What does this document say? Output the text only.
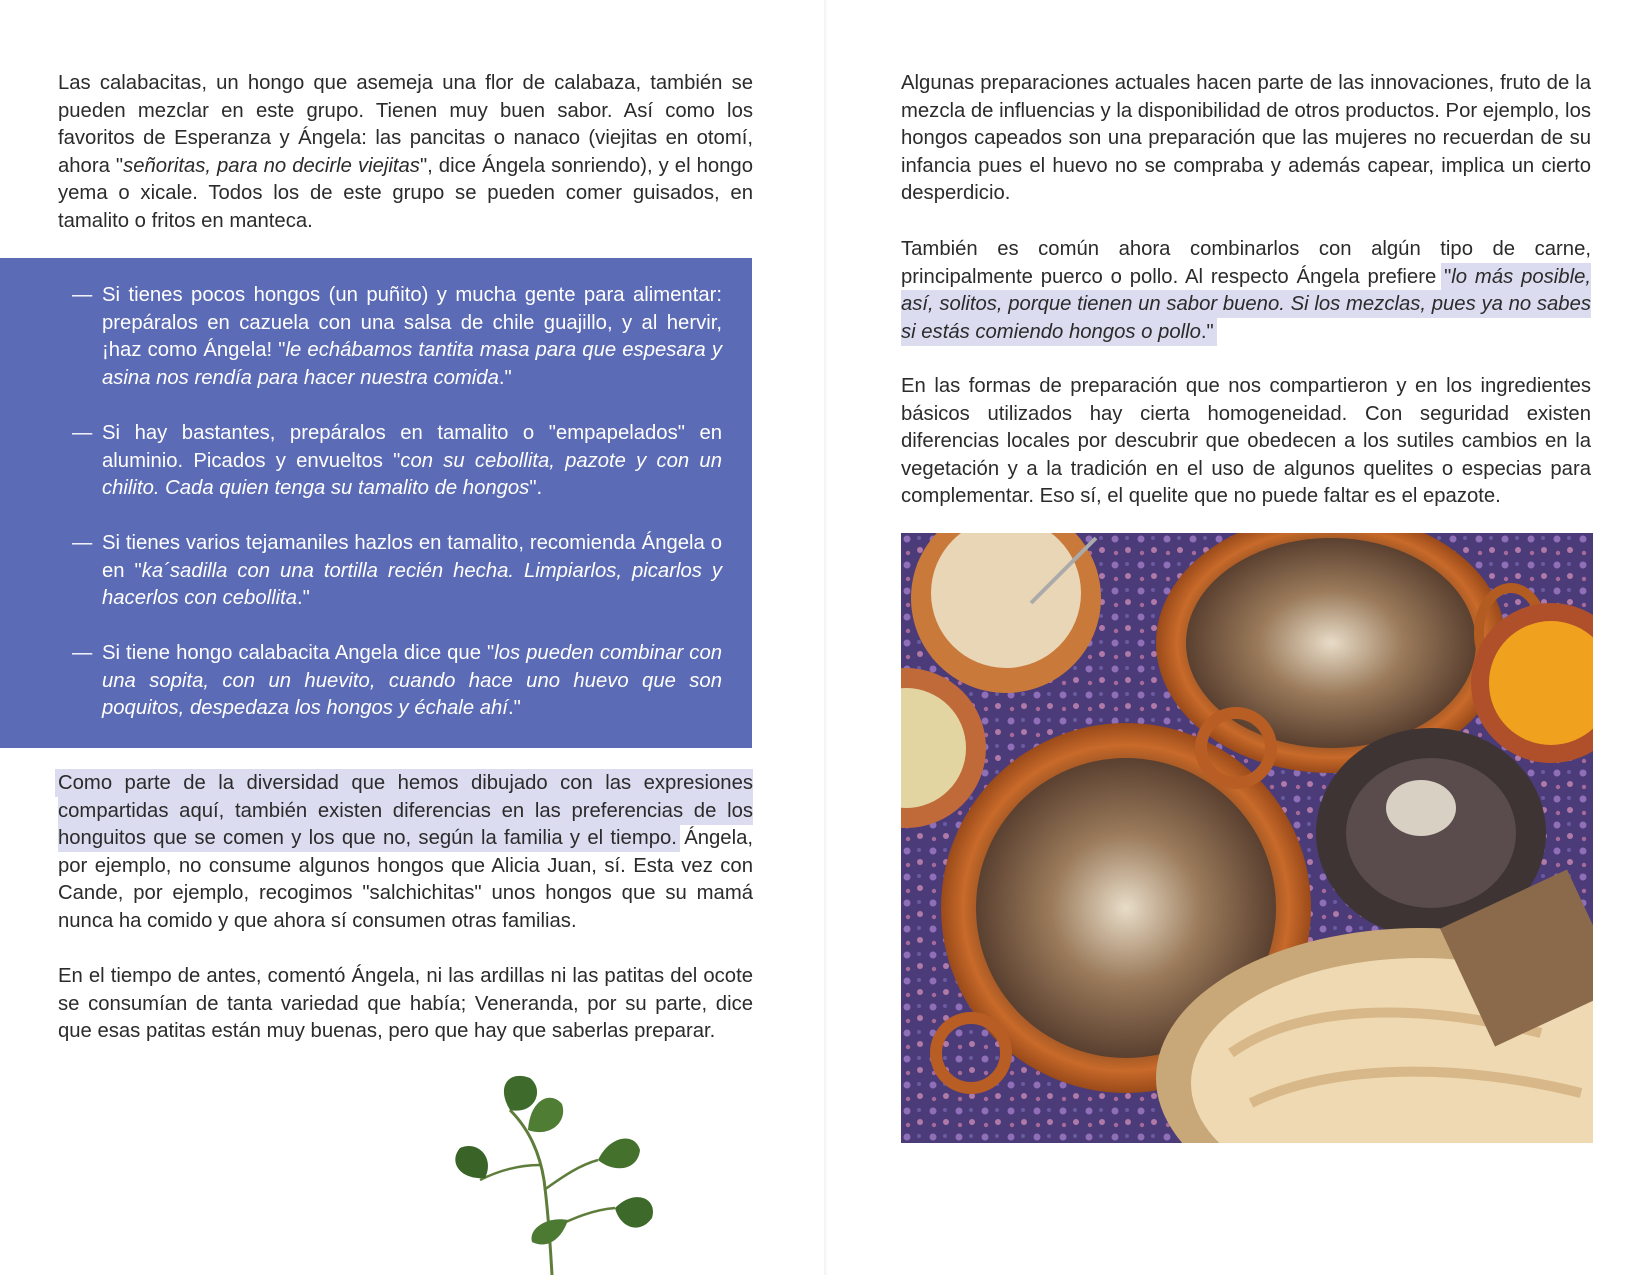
Las calabacitas, un hongo que asemeja una flor de calabaza, también se pueden mezclar en este grupo. Tienen muy buen sabor. Así como los favoritos de Esperanza y Ángela: las pancitas o nanaco (viejitas en otomí, ahora "señoritas, para no decirle viejitas", dice Ángela sonriendo), y el hongo yema o xicale. Todos los de este grupo se pueden comer guisados, en tamalito o fritos en manteca.

— Si tienes pocos hongos (un puñito) y mucha gente para alimentar: prepáralos en cazuela con una salsa de chile guajillo, y al hervir, ¡haz como Ángela! "le echábamos tantita masa para que espesara y asina nos rendía para hacer nuestra comida."

— Si hay bastantes, prepáralos en tamalito o "empapelados" en aluminio. Picados y envueltos "con su cebollita, pazote y con un chilito. Cada quien tenga su tamalito de hongos".

— Si tienes varios tejamaniles hazlos en tamalito, recomienda Ángela o en "ka´sadilla con una tortilla recién hecha. Limpiarlos, picarlos y hacerlos con cebollita."

— Si tiene hongo calabacita Angela dice que "los pueden combinar con una sopita, con un huevito, cuando hace uno huevo que son poquitos, despedaza los hongos y échale ahí."

Como parte de la diversidad que hemos dibujado con las expresiones compartidas aquí, también existen diferencias en las preferencias de los honguitos que se comen y los que no, según la familia y el tiempo. Ángela, por ejemplo, no consume algunos hongos que Alicia Juan, sí. Esta vez con Cande, por ejemplo, recogimos "salchichitas" unos hongos que su mamá nunca ha comido y que ahora sí consumen otras familias.

En el tiempo de antes, comentó Ángela, ni las ardillas ni las patitas del ocote se consumían de tanta variedad que había; Veneranda, por su parte, dice que esas patitas están muy buenas, pero que hay que saberlas preparar.

Algunas preparaciones actuales hacen parte de las innovaciones, fruto de la mezcla de influencias y la disponibilidad de otros productos. Por ejemplo, los hongos capeados son una preparación que las mujeres no recuerdan de su infancia pues el huevo no se compraba y además capear, implica un cierto desperdicio.

También es común ahora combinarlos con algún tipo de carne, principalmente puerco o pollo. Al respecto Ángela prefiere "lo más posible, así, solitos, porque tienen un sabor bueno. Si los mezclas, pues ya no sabes si estás comiendo hongos o pollo."

En las formas de preparación que nos compartieron y en los ingredientes básicos utilizados hay cierta homogeneidad. Con seguridad existen diferencias locales por descubrir que obedecen a los sutiles cambios en la vegetación y a la tradición en el uso de algunos quelites o especias para complementar. Eso sí, el quelite que no puede faltar es el epazote.
